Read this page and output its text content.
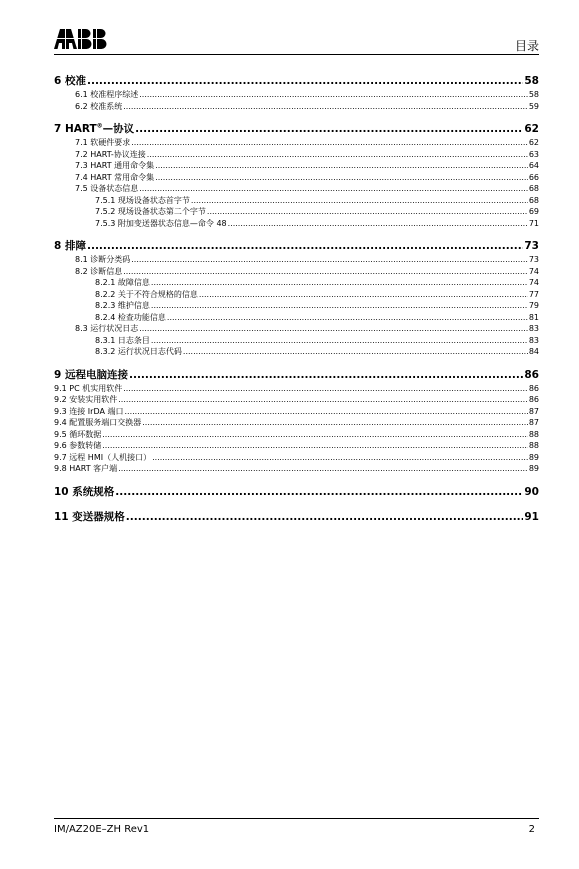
目录
6 校准 .....	58
6.1 校准程序综述 .....	58
6.2 校准系统 .....	59
7 HART®—协议 .....	62
7.1 软硬件要求 .....	62
7.2 HART-协议连接 .....	63
7.3 HART 通用命令集 .....	64
7.4 HART 常用命令集 .....	66
7.5 设备状态信息 .....	68
7.5.1 现场设备状态首字节 .....	68
7.5.2 现场设备状态第二个字节 .....	69
7.5.3 附加变送器状态信息—命令 48 .....	71
8 排障 .....	73
8.1 诊断分类码 .....	73
8.2 诊断信息 .....	74
8.2.1 故障信息 .....	74
8.2.2 关于不符合规格的信息 .....	77
8.2.3 维护信息 .....	79
8.2.4 检查功能信息 .....	81
8.3 运行状况日志 .....	83
8.3.1 日志条目 .....	83
8.3.2 运行状况日志代码 .....	84
9 远程电脑连接 .....	86
9.1 PC 机实用软件 .....	86
9.2 安装实用软件 .....	86
9.3 连接 IrDA 端口 .....	87
9.4 配置服务端口交换器 .....	87
9.5 循环数据 .....	88
9.6 参数转储 .....	88
9.7 远程 HMI（人机接口） .....	89
9.8 HART 客户端 .....	89
10 系统规格 .....	90
11 变送器规格 .....	91
IM/AZ20E–ZH Rev1	2
